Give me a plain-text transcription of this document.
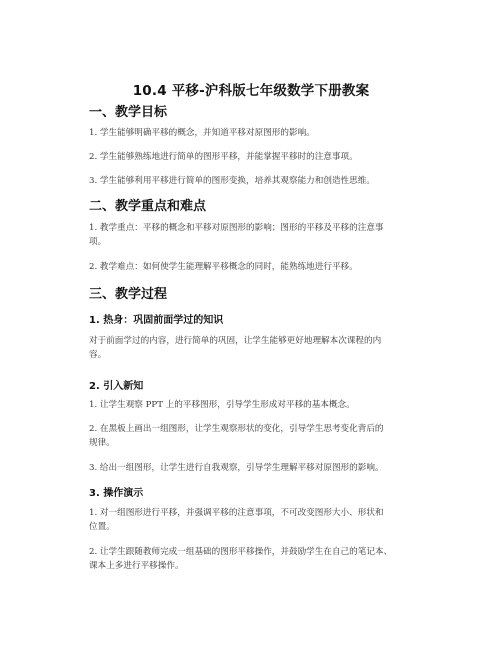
10.4 平移-沪科版七年级数学下册教案
一、教学目标
1. 学生能够明确平移的概念，并知道平移对原图形的影响。
2. 学生能够熟练地进行简单的图形平移，并能掌握平移时的注意事项。
3. 学生能够利用平移进行简单的图形变换，培养其观察能力和创造性思维。
二、教学重点和难点
1. 教学重点：平移的概念和平移对原图形的影响；图形的平移及平移的注意事
项。
2. 教学难点：如何使学生能理解平移概念的同时，能熟练地进行平移。
三、教学过程
1. 热身：巩固前面学过的知识
对于前面学过的内容，进行简单的巩固，让学生能够更好地理解本次课程的内
容。
2. 引入新知
1. 让学生观察 PPT 上的平移图形，引导学生形成对平移的基本概念。
2. 在黑板上画出一组图形，让学生观察形状的变化，引导学生思考变化背后的
规律。
3. 给出一组图形，让学生进行自我观察，引导学生理解平移对原图形的影响。
3. 操作演示
1. 对一组图形进行平移，并强调平移的注意事项，不可改变图形大小、形状和
位置。
2. 让学生跟随教师完成一组基础的图形平移操作，并鼓励学生在自己的笔记本、
课本上多进行平移操作。
